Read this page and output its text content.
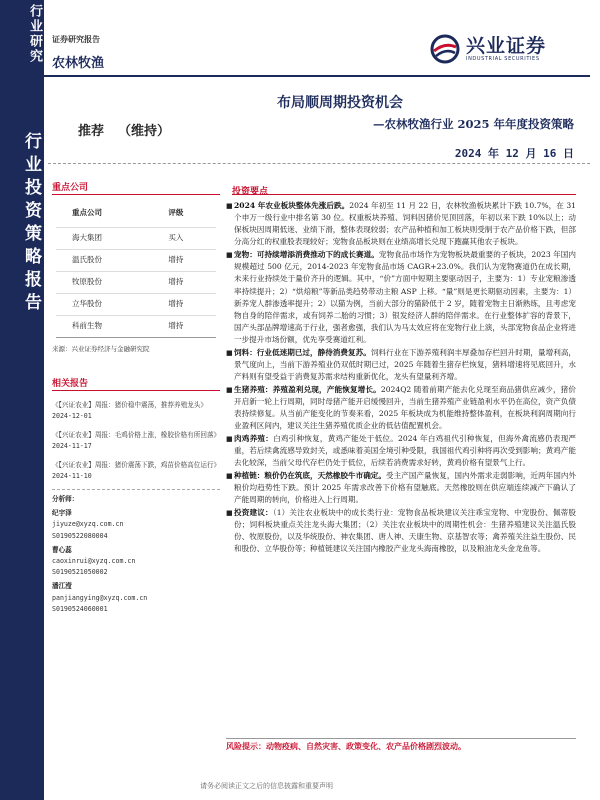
行业研究
行业投资策略报告
证券研究报告
农林牧渔
兴业证券
INDUSTRIAL SECURITIES
布局顺周期投资机会
—农林牧渔行业 2025 年年度投资策略
推荐 （维持）
2024 年 12 月 16 日
重点公司
重点公司	评级
海大集团	买入
温氏股份	增持
牧原股份	增持
立华股份	增持
科前生物	增持
来源：兴业证券经济与金融研究院
相关报告
《【兴证农业】周报：猪价稳中震荡，推荐养殖龙头》2024-12-01
《【兴证农业】周报：毛鸡价格上涨，橡胶价格有所回落》2024-11-17
《【兴证农业】周报：猪价震荡下跌，鸡苗价格高位运行》2024-11-10
分析师：
纪宇泽
jiyuze@xyzq.com.cn
S0190522080004
曹心蕊
caoxinrui@xyzq.com.cn
S0190521050002
潘江滢
panjiangying@xyzq.com.cn
S0190524060001
投资要点
■ 2024 年农业板块整体先涨后跌。2024 年初至 11 月 22 日，农林牧渔板块累计下跌 10.7%，在 31 个申万一级行业中排名第 30 位。权重板块养殖、饲料因猪价见顶回落，年初以来下跌 10%以上；动保板块因周期低迷、业绩下滑，整体表现较弱；农产品种植和加工板块则受制于农产品价格下跌，但部分高分红的权重股表现较好；宠物食品板块则在业绩高增长兑现下跑赢其他农子板块。

■ 宠物：可持续增添消费推动下的成长赛道。宠物食品市场作为宠物板块最重要的子板块，2023 年国内规模超过 500 亿元，2014-2023 年宠物食品市场 CAGR+23.0%。我们认为宠物赛道仍在成长期，未来行业持续处于量价齐升的逻辑。其中，“价”方面中短期主要驱动因子，主要为：1）专业宠粮渗透率持续提升；2）“烘焙粮”等新品类趋势带动主粮 ASP 上移。“量”则是更长期驱动因素，主要为：1）新养宠人群渗透率提升；2）以猫为例，当前大部分的猫龄低于 2 岁，随着宠物主日渐熟练，且考虑宠物自身的陪伴需求，或有饲养二胎的习惯；3）银发经济人群的陪伴需求。在行业整体扩容的背景下，国产头部品牌增速高于行业，强者愈强，我们认为马太效应将在宠物行业上演，头部宠物食品企业将进一步提升市场份额，优先享受赛道红利。

■ 饲料：行业低迷期已过，静待消费复苏。饲料行业在下游养殖利润丰厚叠加存栏回升时期，量增利高，景气度向上，当前下游养殖业仍双低时期已过，2025 年随着生猪存栏恢复，猪料增速将见底回升，水产料则有望受益于消费复苏需求结构重新优化，龙头有望量利齐增。

■ 生猪养殖：养殖盈利兑现，产能恢复增长。2024Q2 随着前期产能去化兑现至商品猪供应减少，猪价开启新一轮上行周期，同时母猪产能开启缓慢回升，当前生猪养殖产业链盈利水平仍在高位，资产负债表持续修复。从当前产能变化的节奏来看，2025 年板块成为机能维持整体盈利，在板块利润周期向行业盈利区间内，建议关注生猪养殖优质企业的低估值配置机会。

■ 肉鸡养殖：白鸡引种恢复，黄鸡产能处于低位。2024 年白鸡祖代引种恢复，但海外禽流感仍表现严重，若后续禽流感导致封关，或悉味着美国全境引种受限，我国祖代鸡引种将再次受到影响；黄鸡产能去化较深，当前父母代存栏仍处于低位，后续若消费需求好转，黄鸡价格有望景气上行。

■ 种植链：粮价仍在筑底，天然橡胶牛市确定。受主产国产量恢复，国内外需求走弱影响，近两年国内外粮价均趋势性下跌。预计 2025 年需求改善下价格有望触底。天然橡胶则在供应端连续减产下确认了产能周期的转向，价格进入上行周期。

■ 投资建议：（1）关注农业板块中的成长类行业：宠物食品板块建议关注乖宝宠物、中宠股份、佩蒂股份；饲料板块重点关注龙头海大集团；（2）关注农业板块中的周期性机会：生猪养殖建议关注温氏股份、牧原股份，以及华统股份、神农集团、唐人神、天康生物、京基智农等；禽养殖关注益生股份、民和股份、立华股份等；种植链建议关注国内橡胶产业龙头海南橡胶，以及粮油龙头金龙鱼等。

风险提示：动物疫病、自然灾害、政策变化、农产品价格剧烈波动。
请务必阅读正文之后的信息披露和重要声明
